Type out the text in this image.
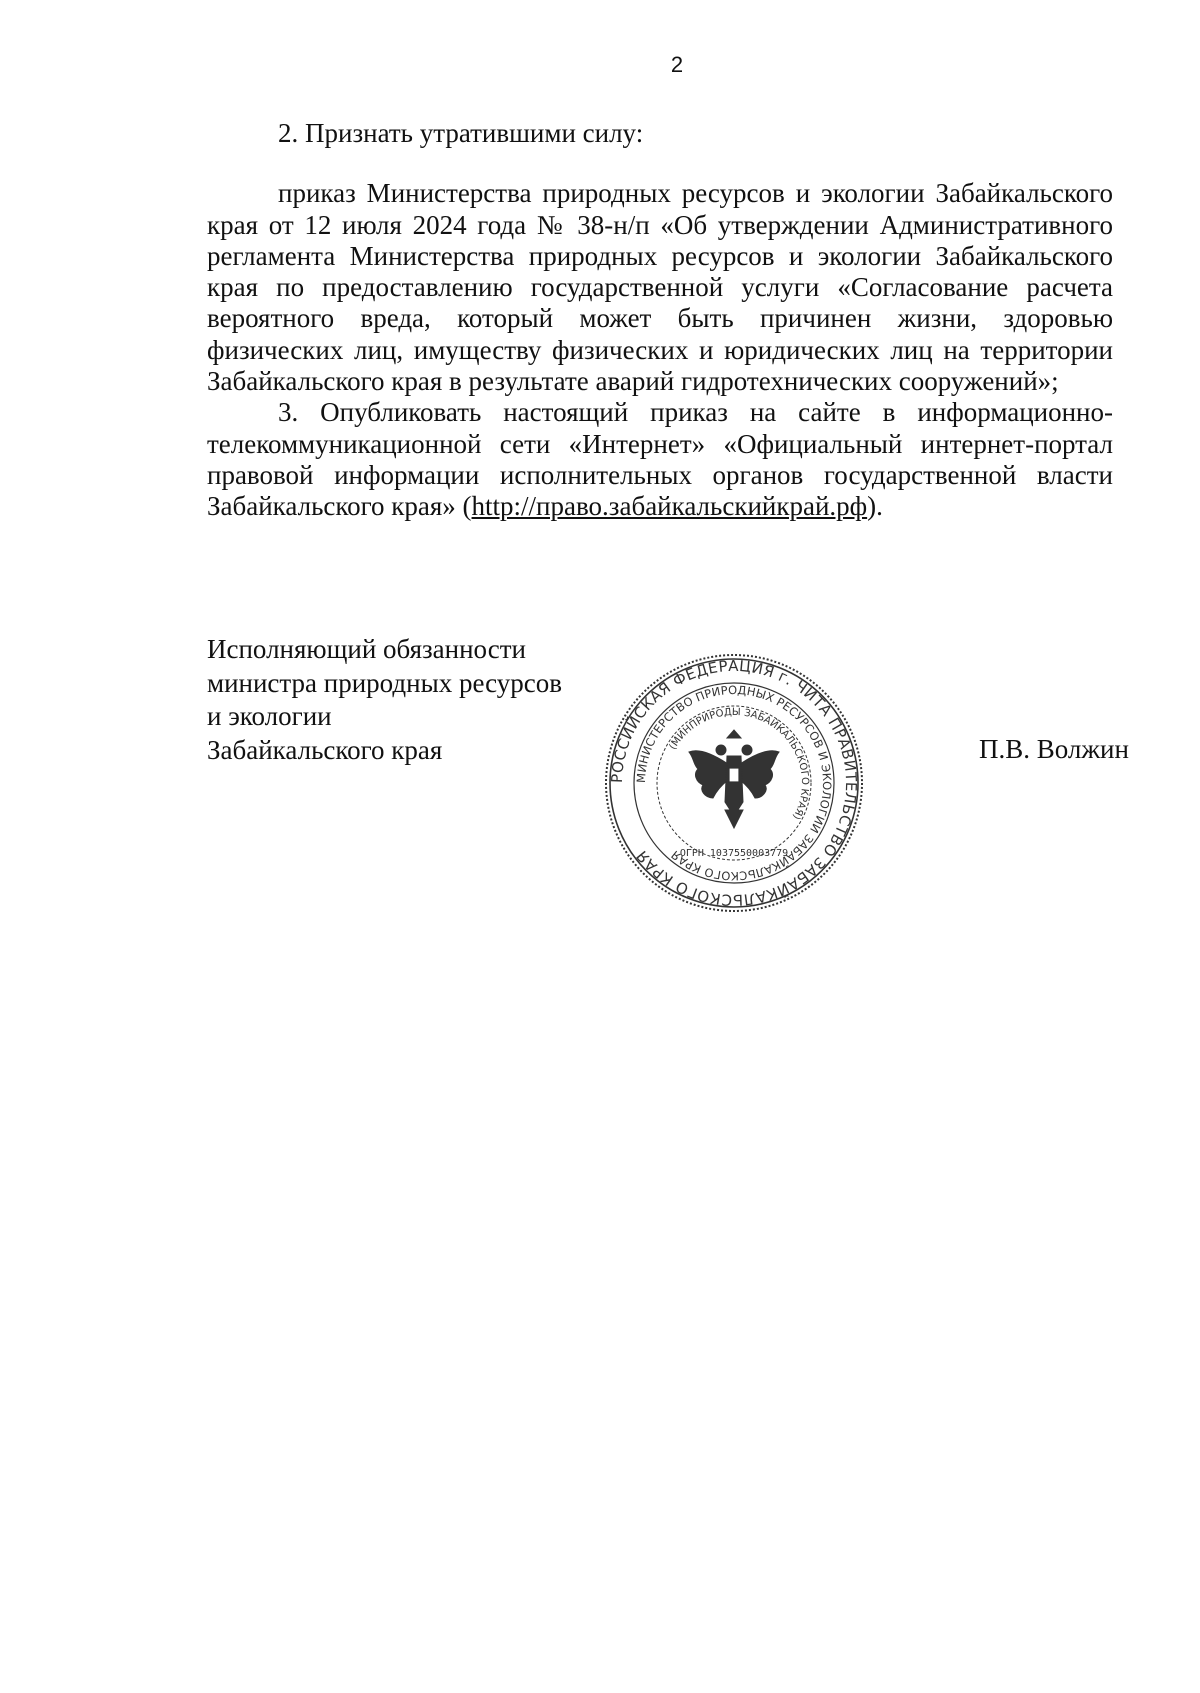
2

2. Признать утратившими силу:

приказ Министерства природных ресурсов и экологии Забайкальского края от 12 июля 2024 года № 38-н/п «Об утверждении Административного регламента Министерства природных ресурсов и экологии Забайкальского края по предоставлению государственной услуги «Согласование расчета вероятного вреда, который может быть причинен жизни, здоровью физических лиц, имуществу физических и юридических лиц на территории Забайкальского края в результате аварий гидротехнических сооружений»;

3. Опубликовать настоящий приказ на сайте в информационно-телекоммуникационной сети «Интернет» «Официальный интернет-портал правовой информации исполнительных органов государственной власти Забайкальского края» (http://право.забайкальскийкрай.рф).

Исполняющий обязанности
министра природных ресурсов
и экологии
Забайкальского края	П.В. Волжин
РОССИЙСКАЯ ФЕДЕРАЦИЯ г. ЧИТА ПРАВИТЕЛЬСТВО ЗАБАЙКАЛЬСКОГО КРАЯ
МИНИСТЕРСТВО ПРИРОДНЫХ РЕСУРСОВ И ЭКОЛОГИИ ЗАБАЙКАЛЬСКОГО КРАЯ
(МИНПРИРОДЫ ЗАБАЙКАЛЬСКОГО КРАЯ)
ОГРН 1037550003779
